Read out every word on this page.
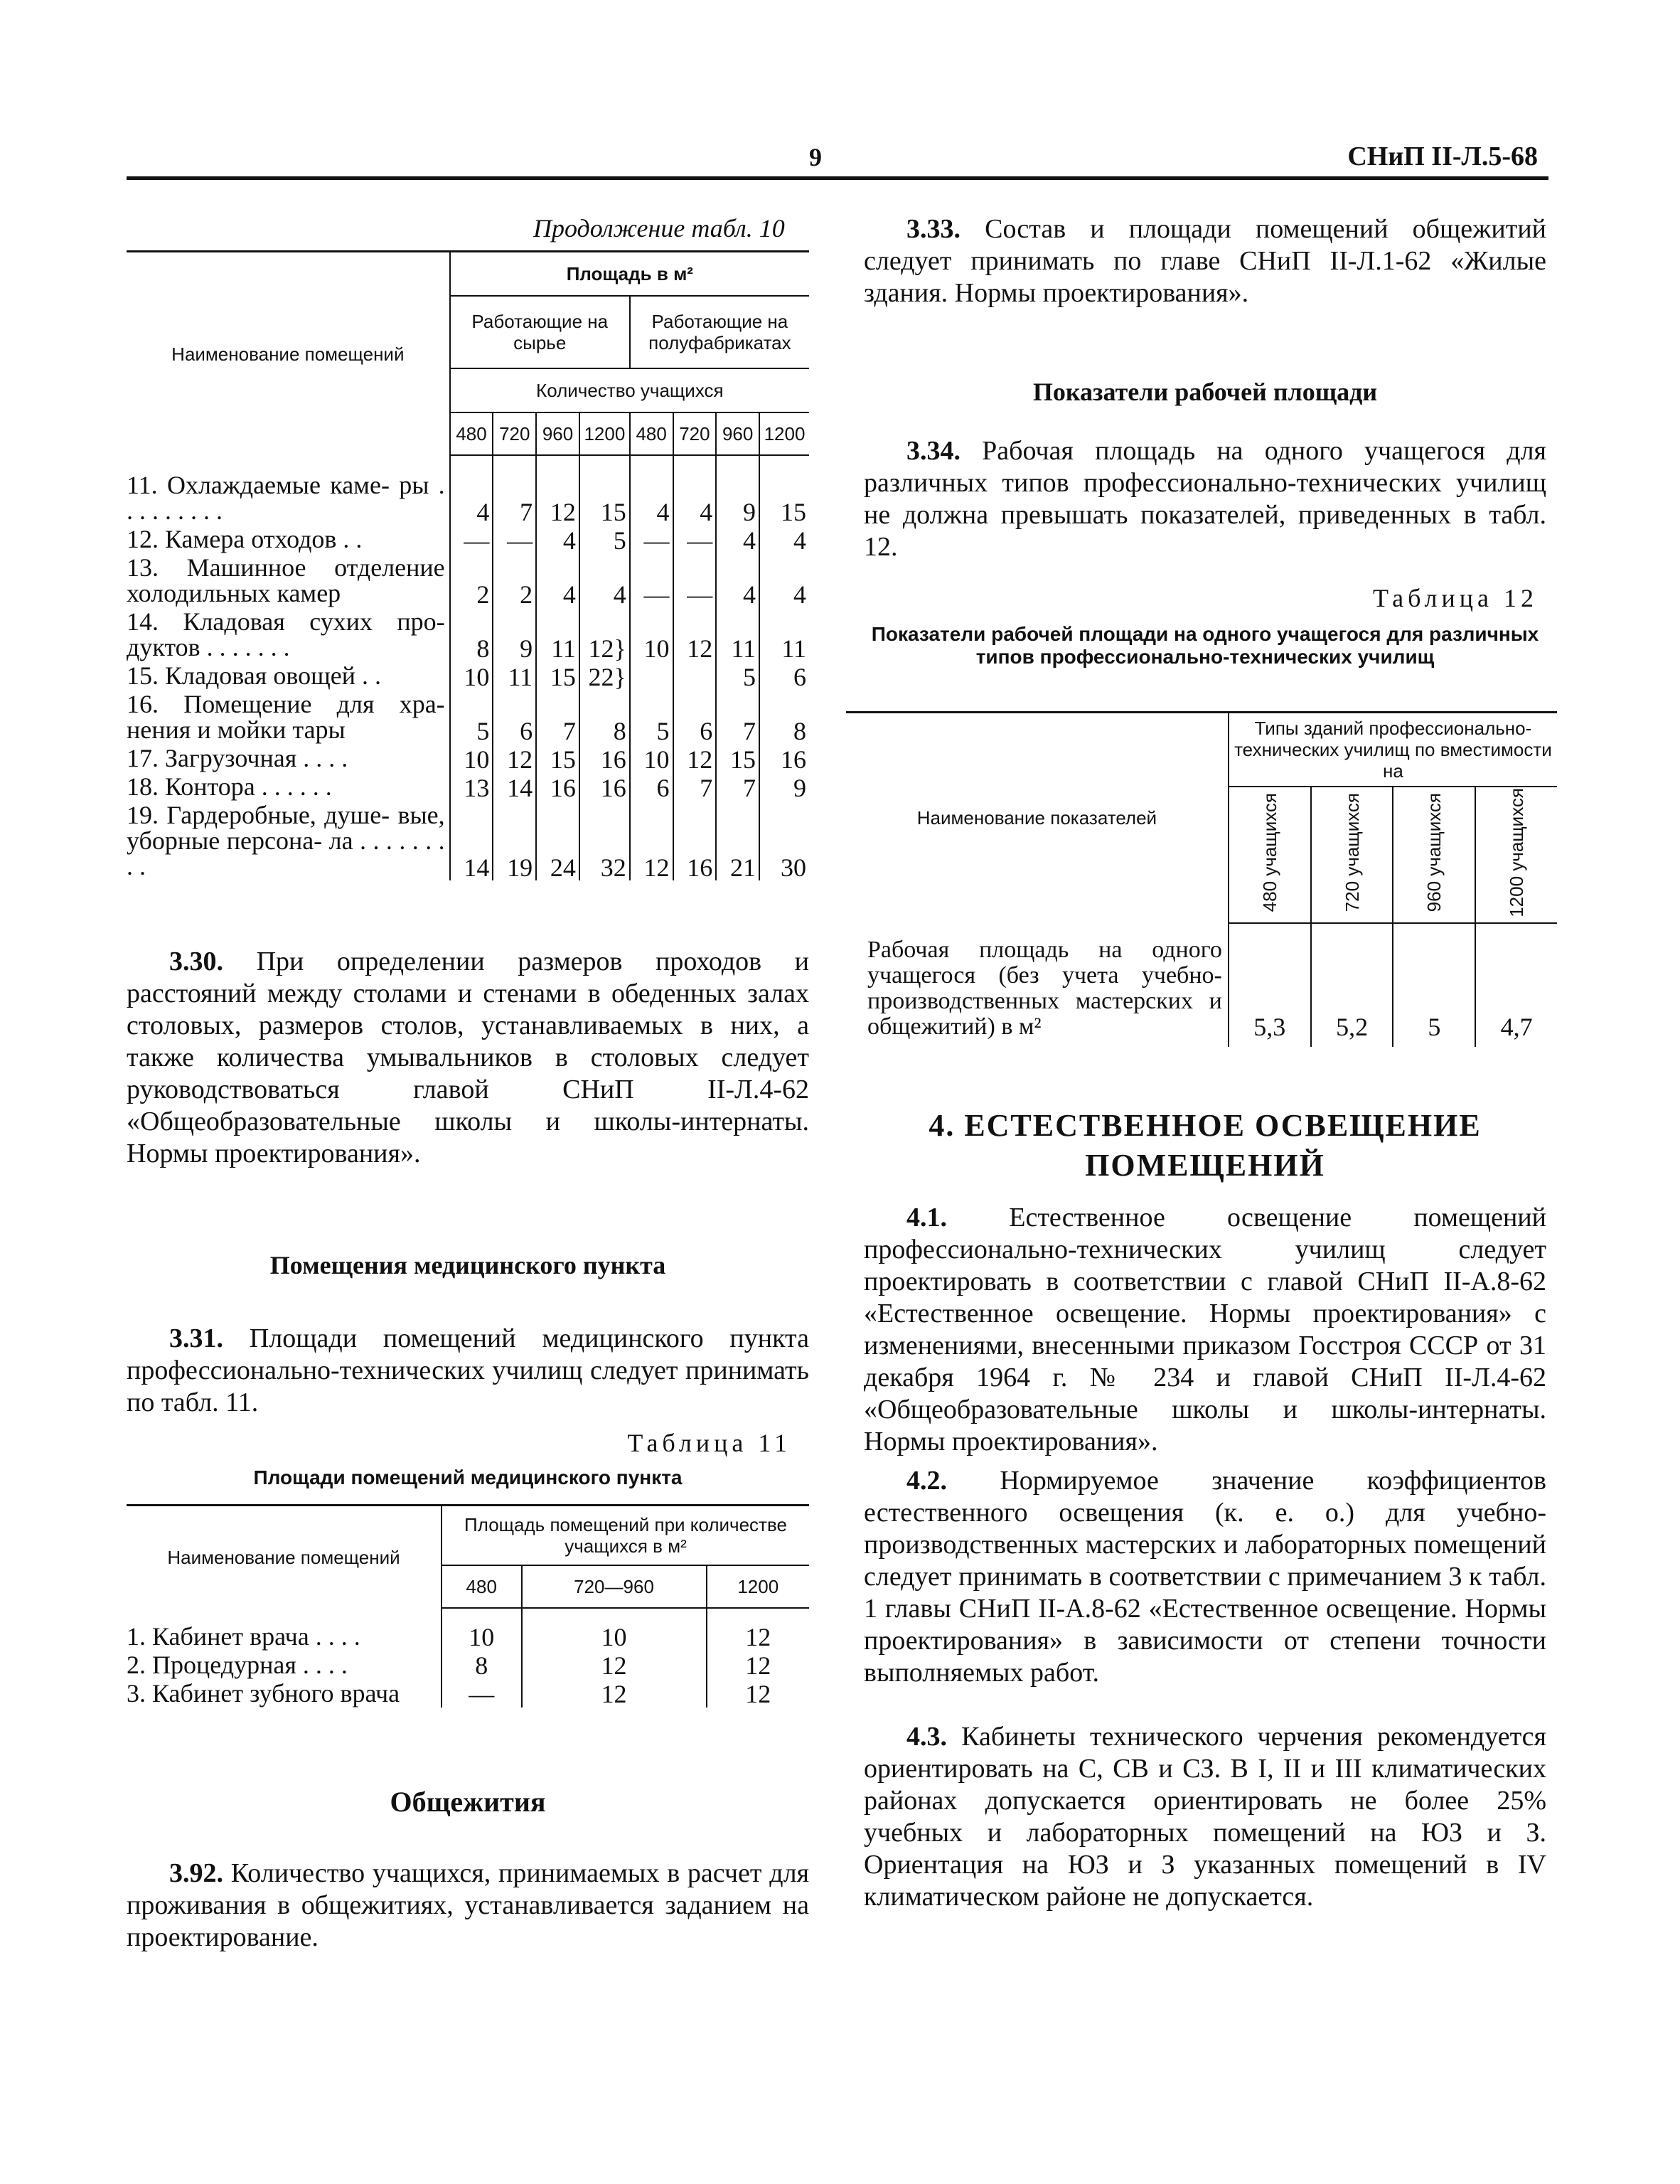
9	СНиП II-Л.5-68
Продолжение табл. 10
Наименование помещений	Площадь в м²							
	Работающие на сырье				Работающие на полуфабрикатах			
	Количество учащихся							
	480	720	960	1200	480	720	960	1200
11. Охлаждаемые каме- ры . . . . . . . . .	4	7	12	15	4	4	9	15
12. Камера отходов . .	—	—	4	5	—	—	4	4
13. Машинное отделение холодильных камер	2	2	4	4	—	—	4	4
14. Кладовая сухих про- дуктов . . . . . . .	8	9	11	12}	10	12	11	11
15. Кладовая овощей . .	10	11	15	22}			5	6
16. Помещение для хра- нения и мойки тары	5	6	7	8	5	6	7	8
17. Загрузочная . . . .	10	12	15	16	10	12	15	16
18. Контора . . . . . .	13	14	16	16	6	7	7	9
19. Гардеробные, душе- вые, уборные персона- ла . . . . . . . . .	14	19	24	32	12	16	21	30
3.30. При определении размеров проходов и расстояний между столами и стенами в обеденных залах столовых, размеров столов, устанавливаемых в них, а также количества умывальников в столовых следует руководствоваться главой СНиП II-Л.4-62 «Общеобразовательные школы и школы-интернаты. Нормы проектирования».
Помещения медицинского пункта
3.31. Площади помещений медицинского пункта профессионально-технических училищ следует принимать по табл. 11.
Таблица 11
Площади помещений медицинского пункта
Наименование помещений	Площадь помещений при количестве учащихся в м²		
	480	720—960	1200
1. Кабинет врача . . . .	10	10	12
2. Процедурная . . . .	8	12	12
3. Кабинет зубного врача	—	12	12
Общежития
3.92. Количество учащихся, принимаемых в расчет для проживания в общежитиях, устанавливается заданием на проектирование.
3.33. Состав и площади помещений общежитий следует принимать по главе СНиП II-Л.1-62 «Жилые здания. Нормы проектирования».
Показатели рабочей площади
3.34. Рабочая площадь на одного учащегося для различных типов профессионально-технических училищ не должна превышать показателей, приведенных в табл. 12.
Таблица 12
Показатели рабочей площади на одного учащегося для различных типов профессионально-технических училищ
Наименование показателей	Типы зданий профессионально-технических училищ по вместимости на			
	480 учащихся	720 учащихся	960 учащихся	1200 учащихся
Рабочая площадь на одного учащегося (без учета учебно-производственных мастерских и общежитий) в м²	5,3	5,2	5	4,7
4. ЕСТЕСТВЕННОЕ ОСВЕЩЕНИЕ ПОМЕЩЕНИЙ
4.1. Естественное освещение помещений профессионально-технических училищ следует проектировать в соответствии с главой СНиП II-А.8-62 «Естественное освещение. Нормы проектирования» с изменениями, внесенными приказом Госстроя СССР от 31 декабря 1964 г. № 234 и главой СНиП II-Л.4-62 «Общеобразовательные школы и школы-интернаты. Нормы проектирования».
4.2. Нормируемое значение коэффициентов естественного освещения (к. е. о.) для учебно-производственных мастерских и лабораторных помещений следует принимать в соответствии с примечанием 3 к табл. 1 главы СНиП II-А.8-62 «Естественное освещение. Нормы проектирования» в зависимости от степени точности выполняемых работ.
4.3. Кабинеты технического черчения рекомендуется ориентировать на С, СВ и СЗ. В I, II и III климатических районах допускается ориентировать не более 25% учебных и лабораторных помещений на ЮЗ и З. Ориентация на ЮЗ и З указанных помещений в IV климатическом районе не допускается.
